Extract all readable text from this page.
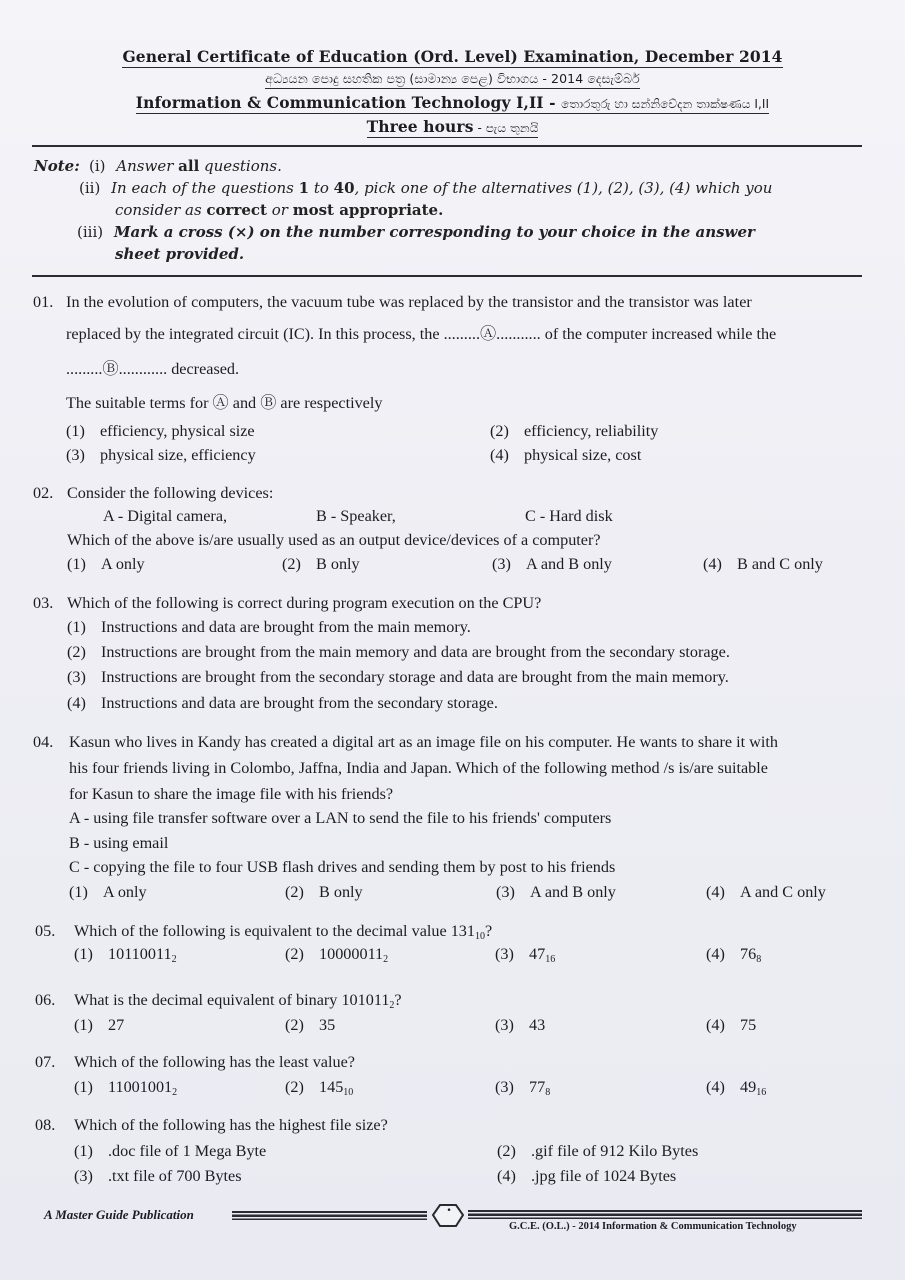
General Certificate of Education (Ord. Level) Examination, December 2014
අධ්‍යයන පොදු සහතික පත්‍ර (සාමාන්‍ය පෙළ) විභාගය - 2014 දෙසැම්බර්
Information & Communication Technology I,II - තොරතුරු හා සන්නිවේදන තාක්ෂණය I,II
Three hours - පැය තුනයි
Note: (i) Answer all questions.
(ii) In each of the questions 1 to 40, pick one of the alternatives (1), (2), (3), (4) which you
consider as correct or most appropriate.
(iii) Mark a cross (×) on the number corresponding to your choice in the answer
sheet provided.
01. In the evolution of computers, the vacuum tube was replaced by the transistor and the transistor was later
replaced by the integrated circuit (IC). In this process, the .........Ⓐ........... of the computer increased while the
.........Ⓑ............ decreased.
The suitable terms for Ⓐ and Ⓑ are respectively
(1) efficiency, physical size	(2) efficiency, reliability
(3) physical size, efficiency	(4) physical size, cost
02. Consider the following devices:
A - Digital camera,	B - Speaker,	C - Hard disk
Which of the above is/are usually used as an output device/devices of a computer?
(1) A only	(2) B only	(3) A and B only	(4) B and C only
03. Which of the following is correct during program execution on the CPU?
(1) Instructions and data are brought from the main memory.
(2) Instructions are brought from the main memory and data are brought from the secondary storage.
(3) Instructions are brought from the secondary storage and data are brought from the main memory.
(4) Instructions and data are brought from the secondary storage.
04. Kasun who lives in Kandy has created a digital art as an image file on his computer. He wants to share it with
his four friends living in Colombo, Jaffna, India and Japan. Which of the following method /s is/are suitable
for Kasun to share the image file with his friends?
A - using file transfer software over a LAN to send the file to his friends' computers
B - using email
C - copying the file to four USB flash drives and sending them by post to his friends
(1) A only	(2) B only	(3) A and B only	(4) A and C only
05. Which of the following is equivalent to the decimal value $131_{10}$?
(1) $10110011_2$	(2) $10000011_2$	(3) $47_{16}$	(4) $76_8$
06. What is the decimal equivalent of binary $101011_2$?
(1) 27	(2) 35	(3) 43	(4) 75
07. Which of the following has the least value?
(1) $11001001_2$	(2) $145_{10}$	(3) $77_8$	(4) $49_{16}$
08. Which of the following has the highest file size?
(1) .doc file of 1 Mega Byte	(2) .gif file of 912 Kilo Bytes
(3) .txt file of 700 Bytes	(4) .jpg file of 1024 Bytes
A Master Guide Publication	•
G.C.E. (O.L.) - 2014 Information & Communication Technology
